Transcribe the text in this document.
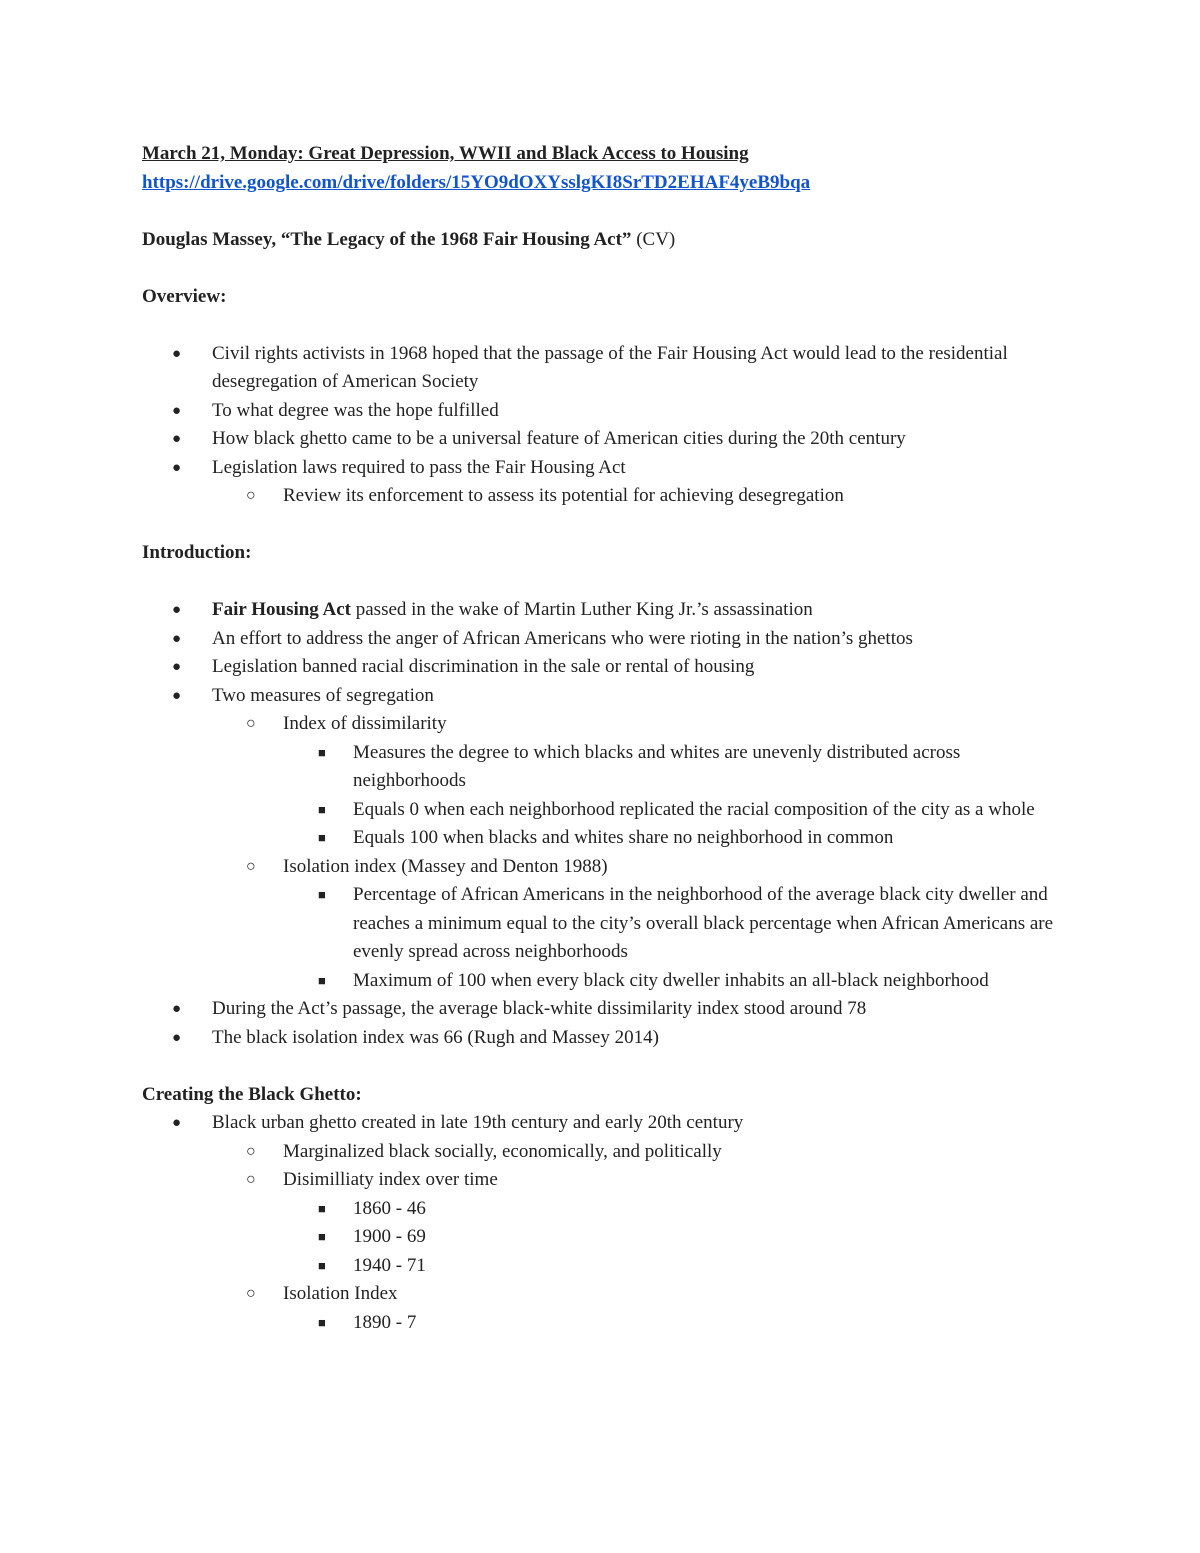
March 21, Monday: Great Depression, WWII and Black Access to Housing
https://drive.google.com/drive/folders/15YO9dOXYsslgKI8SrTD2EHAF4yeB9bqa
Douglas Massey, “The Legacy of the 1968 Fair Housing Act” (CV)
Overview:
● Civil rights activists in 1968 hoped that the passage of the Fair Housing Act would lead to the residential desegregation of American Society
● To what degree was the hope fulfilled
● How black ghetto came to be a universal feature of American cities during the 20th century
● Legislation laws required to pass the Fair Housing Act
○ Review its enforcement to assess its potential for achieving desegregation
Introduction:
● Fair Housing Act passed in the wake of Martin Luther King Jr.’s assassination
● An effort to address the anger of African Americans who were rioting in the nation’s ghettos
● Legislation banned racial discrimination in the sale or rental of housing
● Two measures of segregation
○ Index of dissimilarity
■ Measures the degree to which blacks and whites are unevenly distributed across neighborhoods
■ Equals 0 when each neighborhood replicated the racial composition of the city as a whole
■ Equals 100 when blacks and whites share no neighborhood in common
○ Isolation index (Massey and Denton 1988)
■ Percentage of African Americans in the neighborhood of the average black city dweller and reaches a minimum equal to the city’s overall black percentage when African Americans are evenly spread across neighborhoods
■ Maximum of 100 when every black city dweller inhabits an all-black neighborhood
● During the Act’s passage, the average black-white dissimilarity index stood around 78
● The black isolation index was 66 (Rugh and Massey 2014)
Creating the Black Ghetto:
● Black urban ghetto created in late 19th century and early 20th century
○ Marginalized black socially, economically, and politically
○ Disimilliaty index over time
■ 1860 - 46
■ 1900 - 69
■ 1940 - 71
○ Isolation Index
■ 1890 - 7
